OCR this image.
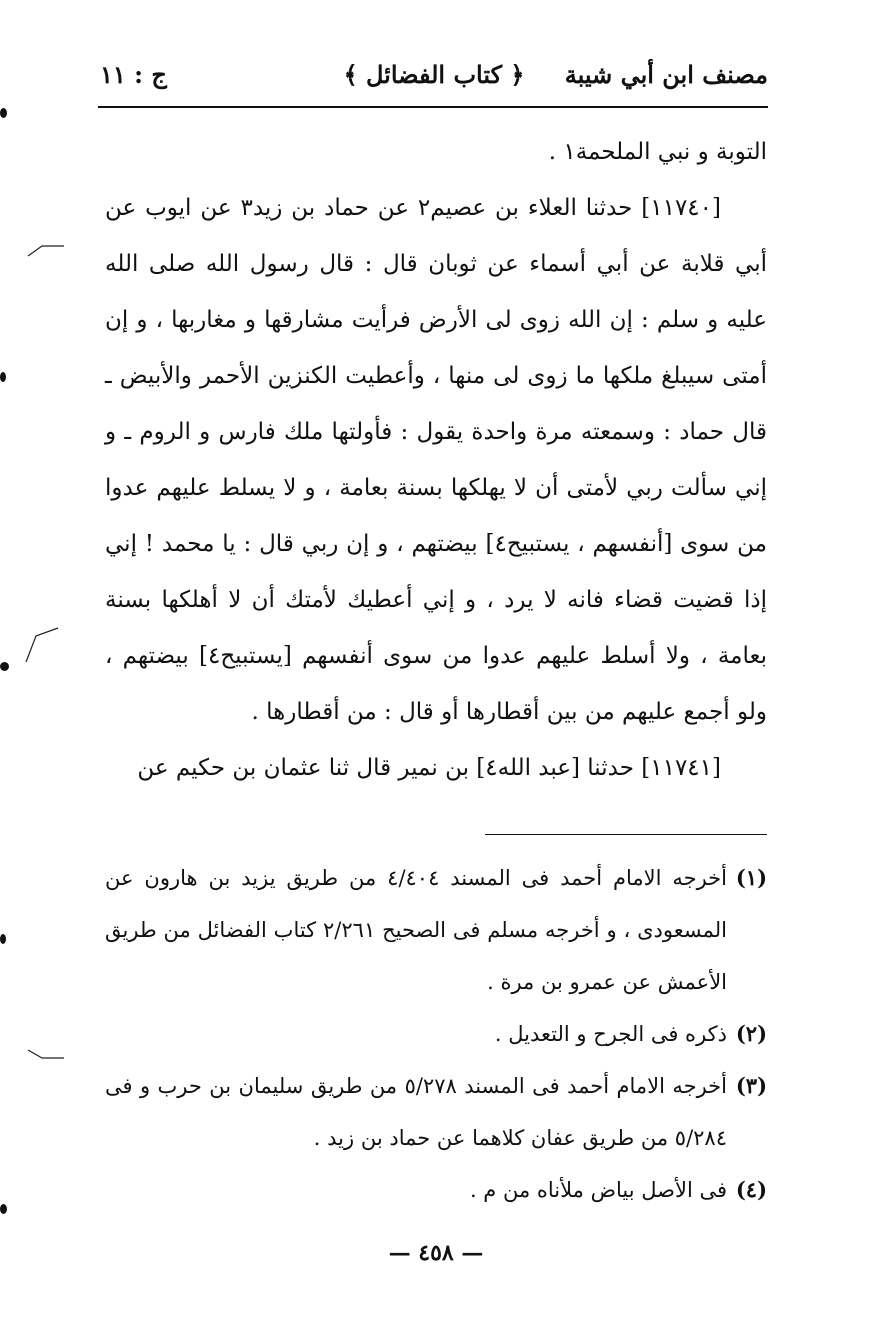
مصنف ابن أبي شيبة
﴿ كتاب الفضائل ﴾
ج : ١١

التوبة و نبي الملحمة١ .

[١١٧٤٠] حدثنا العلاء بن عصيم٢ عن حماد بن زيد٣ عن ايوب عن أبي قلابة عن أبي أسماء عن ثوبان قال : قال رسول الله صلى الله عليه و سلم : إن الله زوى لى الأرض فرأيت مشارقها و مغاربها ، و إن أمتى سيبلغ ملكها ما زوى لى منها ، وأعطيت الكنزين الأحمر والأبيض ـ قال حماد : وسمعته مرة واحدة يقول : فأولتها ملك فارس و الروم ـ و إني سألت ربي لأمتى أن لا يهلكها بسنة بعامة ، و لا يسلط عليهم عدوا من سوى [أنفسهم ، يستبيح٤] بيضتهم ، و إن ربي قال : يا محمد ! إني إذا قضيت قضاء فانه لا يرد ، و إني أعطيك لأمتك أن لا أهلكها بسنة بعامة ، ولا أسلط عليهم عدوا من سوى أنفسهم [يستبيح٤] بيضتهم ، ولو أجمع عليهم من بين أقطارها أو قال : من أقطارها .

[١١٧٤١] حدثنا [عبد الله٤] بن نمير قال ثنا عثمان بن حكيم عن

(١)
أخرجه الامام أحمد فى المسند ٤/٤٠٤ من طريق يزيد بن هارون عن المسعودى ، و أخرجه مسلم فى الصحيح ٢/٢٦١ كتاب الفضائل من طريق الأعمش عن عمرو بن مرة .
(٢)
ذكره فى الجرح و التعديل .
(٣)
أخرجه الامام أحمد فى المسند ٥/٢٧٨ من طريق سليمان بن حرب و فى ٥/٢٨٤ من طريق عفان كلاهما عن حماد بن زيد .
(٤)
فى الأصل بياض ملأناه من م .
— ٤٥٨ —
